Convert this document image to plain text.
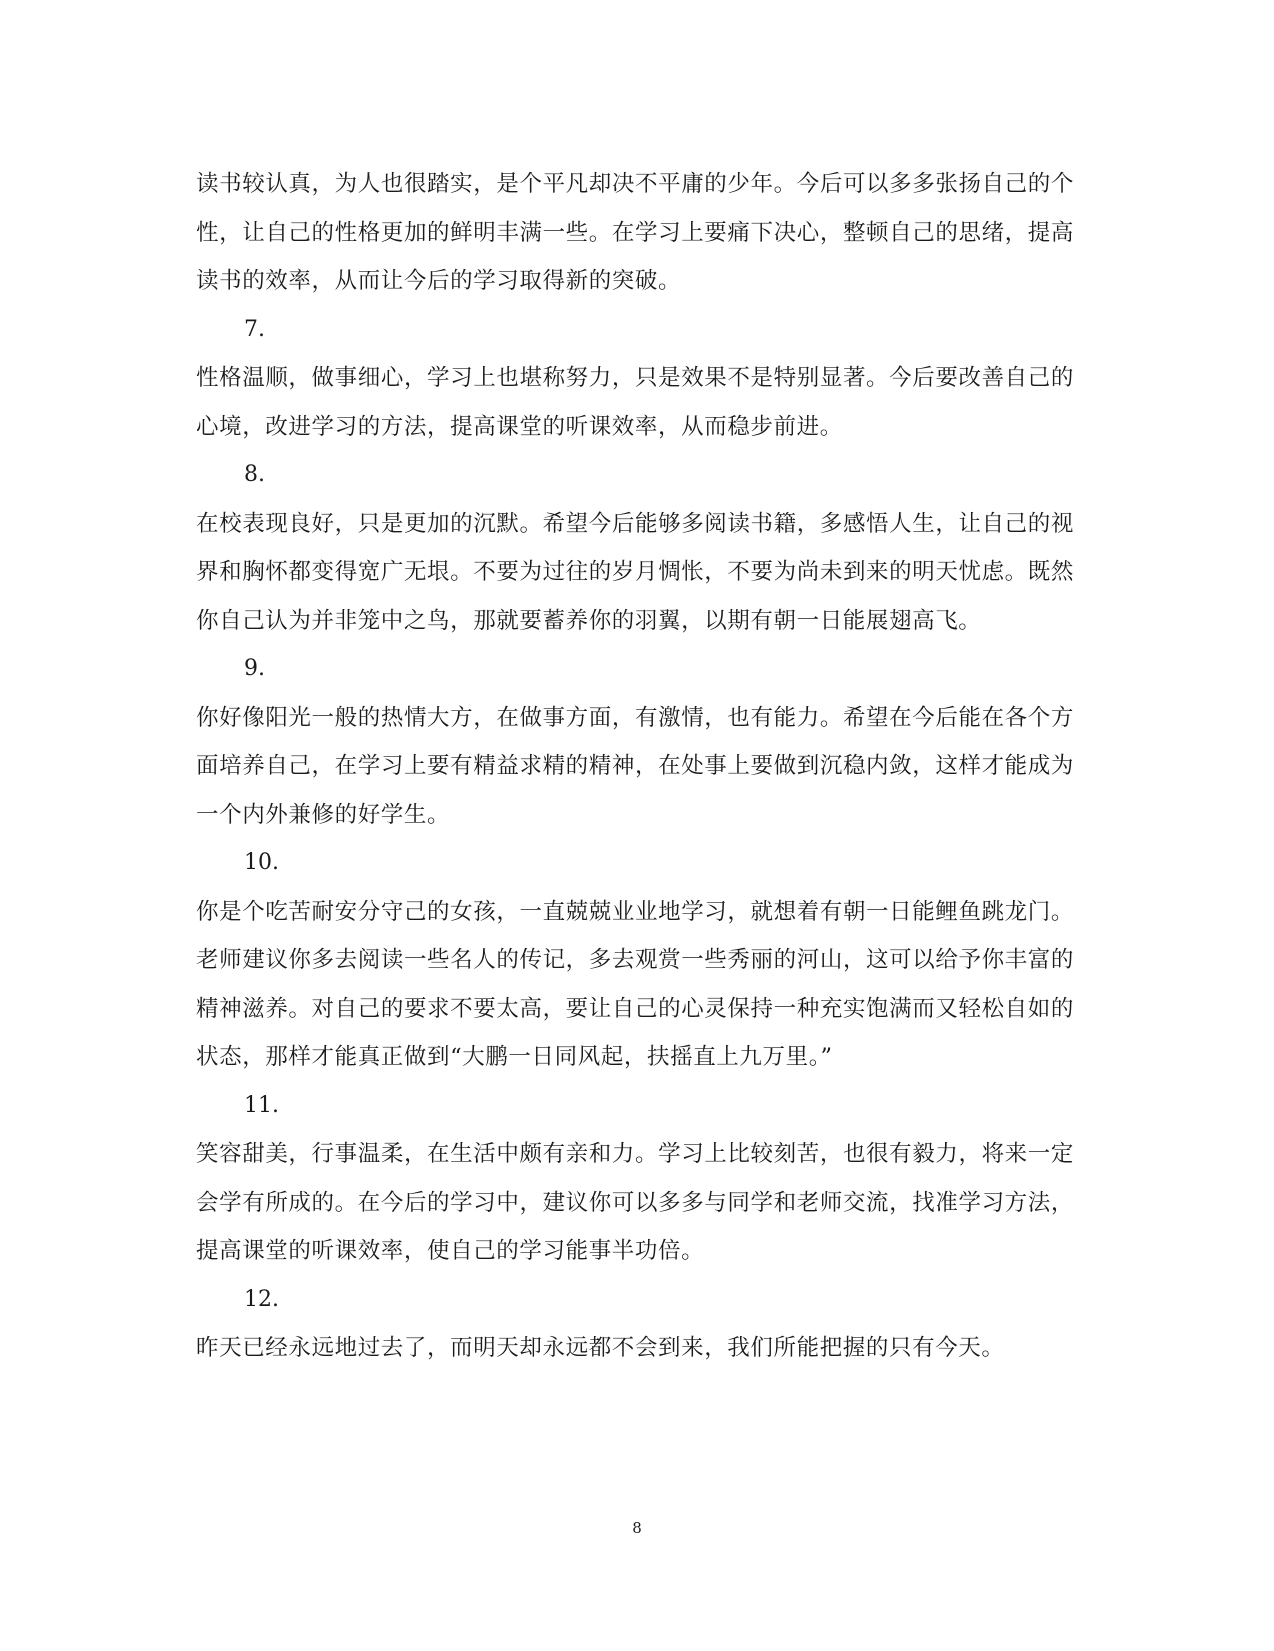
读书较认真，为人也很踏实，是个平凡却决不平庸的少年。今后可以多多张扬自己的个性，让自己的性格更加的鲜明丰满一些。在学习上要痛下决心，整顿自己的思绪，提高读书的效率，从而让今后的学习取得新的突破。

7.

性格温顺，做事细心，学习上也堪称努力，只是效果不是特别显著。今后要改善自己的心境，改进学习的方法，提高课堂的听课效率，从而稳步前进。

8.

在校表现良好，只是更加的沉默。希望今后能够多阅读书籍，多感悟人生，让自己的视界和胸怀都变得宽广无垠。不要为过往的岁月惆怅，不要为尚未到来的明天忧虑。既然你自己认为并非笼中之鸟，那就要蓄养你的羽翼，以期有朝一日能展翅高飞。

9.

你好像阳光一般的热情大方，在做事方面，有激情，也有能力。希望在今后能在各个方面培养自己，在学习上要有精益求精的精神，在处事上要做到沉稳内敛，这样才能成为一个内外兼修的好学生。

10.

你是个吃苦耐安分守己的女孩，一直兢兢业业地学习，就想着有朝一日能鲤鱼跳龙门。老师建议你多去阅读一些名人的传记，多去观赏一些秀丽的河山，这可以给予你丰富的精神滋养。对自己的要求不要太高，要让自己的心灵保持一种充实饱满而又轻松自如的状态，那样才能真正做到“大鹏一日同风起，扶摇直上九万里。”

11.

笑容甜美，行事温柔，在生活中颇有亲和力。学习上比较刻苦，也很有毅力，将来一定会学有所成的。在今后的学习中，建议你可以多多与同学和老师交流，找准学习方法，提高课堂的听课效率，使自己的学习能事半功倍。

12.

昨天已经永远地过去了，而明天却永远都不会到来，我们所能把握的只有今天。

8
